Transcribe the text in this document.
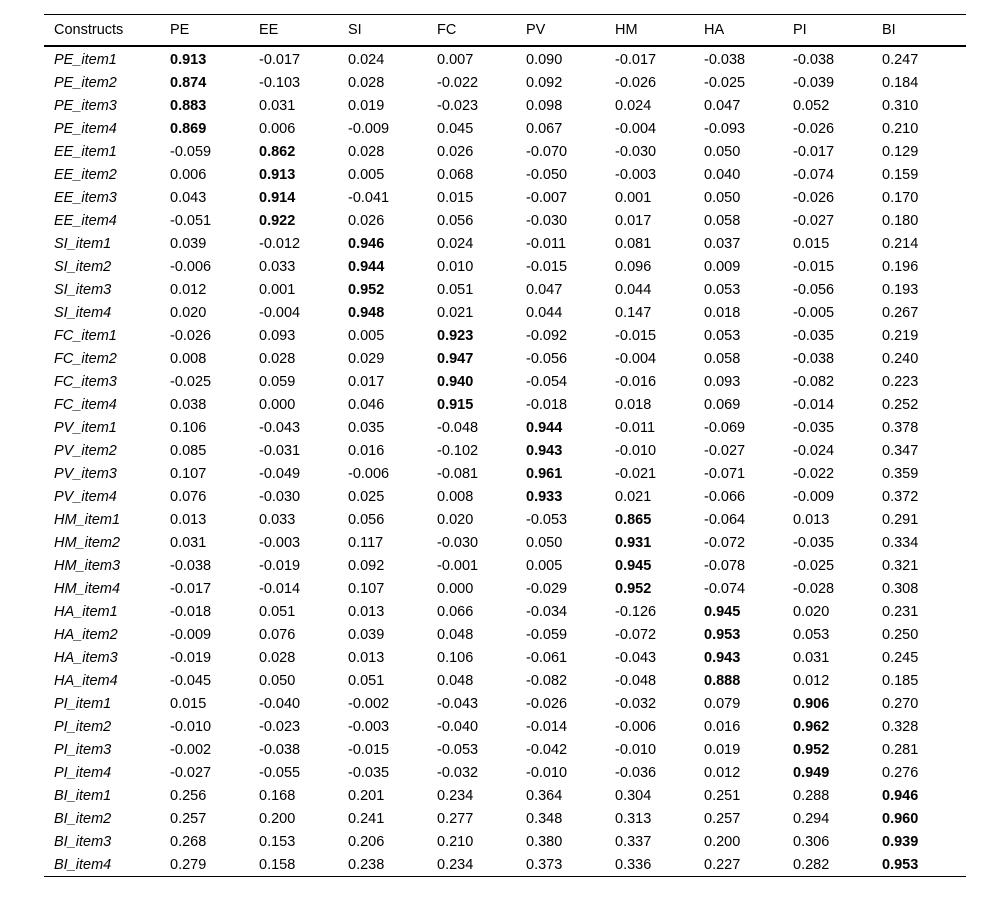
Constructs	PE	EE	SI	FC	PV	HM	HA	PI	BI
PE_item1	0.913	-0.017	0.024	0.007	0.090	-0.017	-0.038	-0.038	0.247
PE_item2	0.874	-0.103	0.028	-0.022	0.092	-0.026	-0.025	-0.039	0.184
PE_item3	0.883	0.031	0.019	-0.023	0.098	0.024	0.047	0.052	0.310
PE_item4	0.869	0.006	-0.009	0.045	0.067	-0.004	-0.093	-0.026	0.210
EE_item1	-0.059	0.862	0.028	0.026	-0.070	-0.030	0.050	-0.017	0.129
EE_item2	0.006	0.913	0.005	0.068	-0.050	-0.003	0.040	-0.074	0.159
EE_item3	0.043	0.914	-0.041	0.015	-0.007	0.001	0.050	-0.026	0.170
EE_item4	-0.051	0.922	0.026	0.056	-0.030	0.017	0.058	-0.027	0.180
SI_item1	0.039	-0.012	0.946	0.024	-0.011	0.081	0.037	0.015	0.214
SI_item2	-0.006	0.033	0.944	0.010	-0.015	0.096	0.009	-0.015	0.196
SI_item3	0.012	0.001	0.952	0.051	0.047	0.044	0.053	-0.056	0.193
SI_item4	0.020	-0.004	0.948	0.021	0.044	0.147	0.018	-0.005	0.267
FC_item1	-0.026	0.093	0.005	0.923	-0.092	-0.015	0.053	-0.035	0.219
FC_item2	0.008	0.028	0.029	0.947	-0.056	-0.004	0.058	-0.038	0.240
FC_item3	-0.025	0.059	0.017	0.940	-0.054	-0.016	0.093	-0.082	0.223
FC_item4	0.038	0.000	0.046	0.915	-0.018	0.018	0.069	-0.014	0.252
PV_item1	0.106	-0.043	0.035	-0.048	0.944	-0.011	-0.069	-0.035	0.378
PV_item2	0.085	-0.031	0.016	-0.102	0.943	-0.010	-0.027	-0.024	0.347
PV_item3	0.107	-0.049	-0.006	-0.081	0.961	-0.021	-0.071	-0.022	0.359
PV_item4	0.076	-0.030	0.025	0.008	0.933	0.021	-0.066	-0.009	0.372
HM_item1	0.013	0.033	0.056	0.020	-0.053	0.865	-0.064	0.013	0.291
HM_item2	0.031	-0.003	0.117	-0.030	0.050	0.931	-0.072	-0.035	0.334
HM_item3	-0.038	-0.019	0.092	-0.001	0.005	0.945	-0.078	-0.025	0.321
HM_item4	-0.017	-0.014	0.107	0.000	-0.029	0.952	-0.074	-0.028	0.308
HA_item1	-0.018	0.051	0.013	0.066	-0.034	-0.126	0.945	0.020	0.231
HA_item2	-0.009	0.076	0.039	0.048	-0.059	-0.072	0.953	0.053	0.250
HA_item3	-0.019	0.028	0.013	0.106	-0.061	-0.043	0.943	0.031	0.245
HA_item4	-0.045	0.050	0.051	0.048	-0.082	-0.048	0.888	0.012	0.185
PI_item1	0.015	-0.040	-0.002	-0.043	-0.026	-0.032	0.079	0.906	0.270
PI_item2	-0.010	-0.023	-0.003	-0.040	-0.014	-0.006	0.016	0.962	0.328
PI_item3	-0.002	-0.038	-0.015	-0.053	-0.042	-0.010	0.019	0.952	0.281
PI_item4	-0.027	-0.055	-0.035	-0.032	-0.010	-0.036	0.012	0.949	0.276
BI_item1	0.256	0.168	0.201	0.234	0.364	0.304	0.251	0.288	0.946
BI_item2	0.257	0.200	0.241	0.277	0.348	0.313	0.257	0.294	0.960
BI_item3	0.268	0.153	0.206	0.210	0.380	0.337	0.200	0.306	0.939
BI_item4	0.279	0.158	0.238	0.234	0.373	0.336	0.227	0.282	0.953
